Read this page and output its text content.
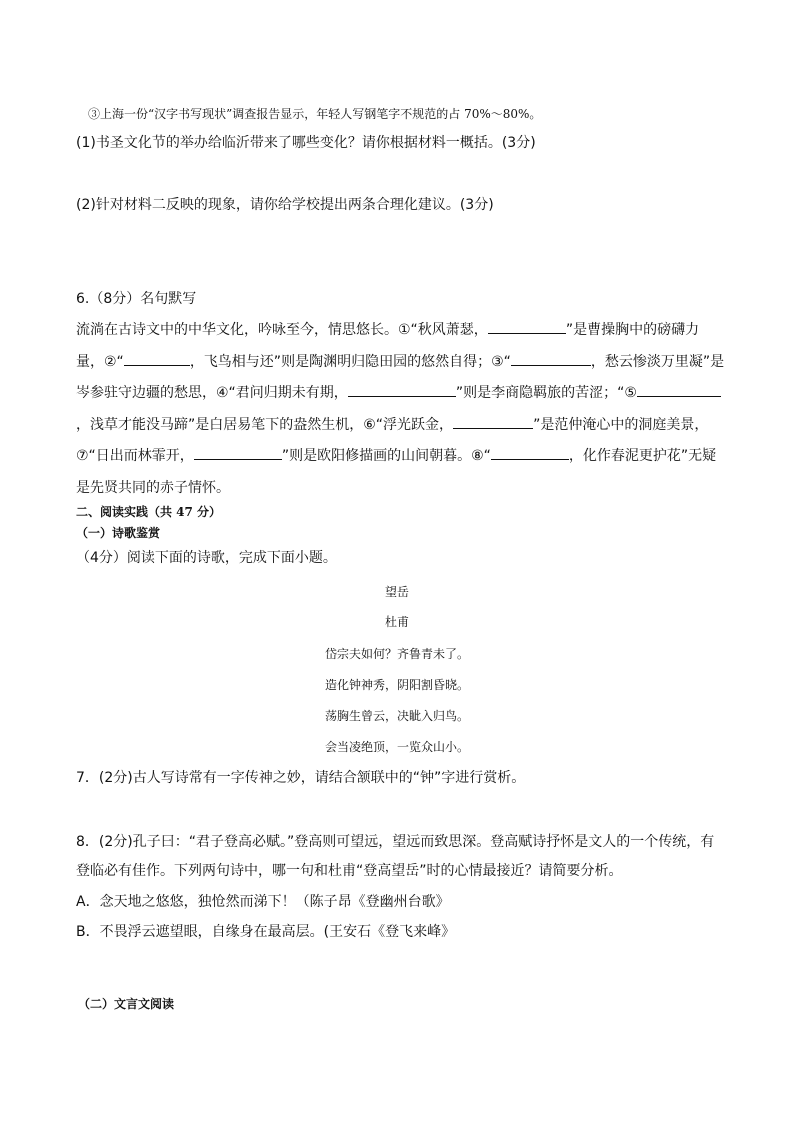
③上海一份“汉字书写现状”调查报告显示，年轻人写钢笔字不规范的占 70%～80%。
(1)书圣文化节的举办给临沂带来了哪些变化？请你根据材料一概括。(3分)
(2)针对材料二反映的现象，请你给学校提出两条合理化建议。(3分)
6.（8分）名句默写
流淌在古诗文中的中华文化，吟咏至今，情思悠长。①“秋风萧瑟，	”是曹操胸中的磅礴力量，②“	，飞鸟相与还”则是陶渊明归隐田园的悠然自得；③“	，愁云惨淡万里凝”是岑参驻守边疆的愁思，④“君问归期未有期，	”则是李商隐羁旅的苦涩；“⑤，浅草才能没马蹄”是白居易笔下的盎然生机，⑥“浮光跃金，	”是范仲淹心中的洞庭美景，⑦“日出而林霏开，	”则是欧阳修描画的山间朝暮。⑧“	，化作春泥更护花”无疑是先贤共同的赤子情怀。
二、阅读实践（共 47 分）
（一）诗歌鉴赏
（4分）阅读下面的诗歌，完成下面小题。
望岳
杜甫
岱宗夫如何？齐鲁青未了。
造化钟神秀，阴阳割昏晓。
荡胸生曾云，决眦入归鸟。
会当凌绝顶，一览众山小。
7．(2分)古人写诗常有一字传神之妙，请结合颔联中的“钟”字进行赏析。
8．(2分)孔子曰：“君子登高必赋。”登高则可望远，望远而致思深。登高赋诗抒怀是文人的一个传统，有
登临必有佳作。下列两句诗中，哪一句和杜甫“登高望岳”时的心情最接近？请简要分析。
A．念天地之悠悠，独怆然而涕下！（陈子昂《登幽州台歌》
B．不畏浮云遮望眼，自缘身在最高层。(王安石《登飞来峰》
（二）文言文阅读
